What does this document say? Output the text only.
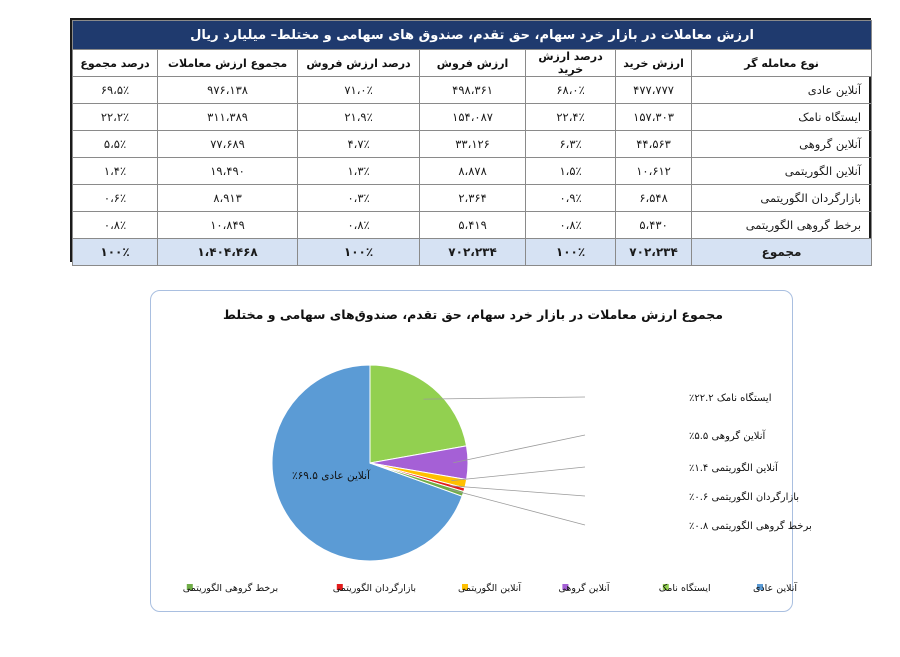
ارزش معاملات در بازار خرد سهام، حق تقدم، صندوق های سهامی و مختلط– میلیارد ریال						
نوع معامله گر	ارزش خرید	درصد ارزش خرید	ارزش فروش	درصد ارزش فروش	مجموع ارزش معاملات	درصد مجموع
آنلاین عادی	۴۷۷،۷۷۷	۶۸،۰٪	۴۹۸،۳۶۱	۷۱،۰٪	۹۷۶،۱۳۸	۶۹،۵٪
ایستگاه نامک	۱۵۷،۳۰۳	۲۲،۴٪	۱۵۴،۰۸۷	۲۱،۹٪	۳۱۱،۳۸۹	۲۲،۲٪
آنلاین گروهی	۴۴،۵۶۳	۶،۳٪	۳۳،۱۲۶	۴،۷٪	۷۷،۶۸۹	۵،۵٪
آنلاین الگوریتمی	۱۰،۶۱۲	۱،۵٪	۸،۸۷۸	۱،۳٪	۱۹،۴۹۰	۱،۴٪
بازارگردان الگوریتمی	۶،۵۴۸	۰،۹٪	۲،۳۶۴	۰،۳٪	۸،۹۱۳	۰،۶٪
برخط گروهی الگوریتمی	۵،۴۳۰	۰،۸٪	۵،۴۱۹	۰،۸٪	۱۰،۸۴۹	۰،۸٪
مجموع	۷۰۲،۲۳۴	۱۰۰٪	۷۰۲،۲۳۴	۱۰۰٪	۱،۴۰۴،۴۶۸	۱۰۰٪
مجموع ارزش معاملات در بازار خرد سهام، حق تقدم، صندوق‌های سهامی و مختلط
آنلاین عادی ۶۹.۵٪
ایستگاه نامک ۲۲.۲٪
آنلاین گروهی ۵.۵٪
آنلاین الگوریتمی ۱.۴٪
بازارگردان الگوریتمی ۰.۶٪
برخط گروهی الگوریتمی ۰.۸٪
آنلاین عادی
ایستگاه نامک
آنلاین گروهی
آنلاین الگوریتمی
بازارگردان الگوریتمی
برخط گروهی الگوریتمی
